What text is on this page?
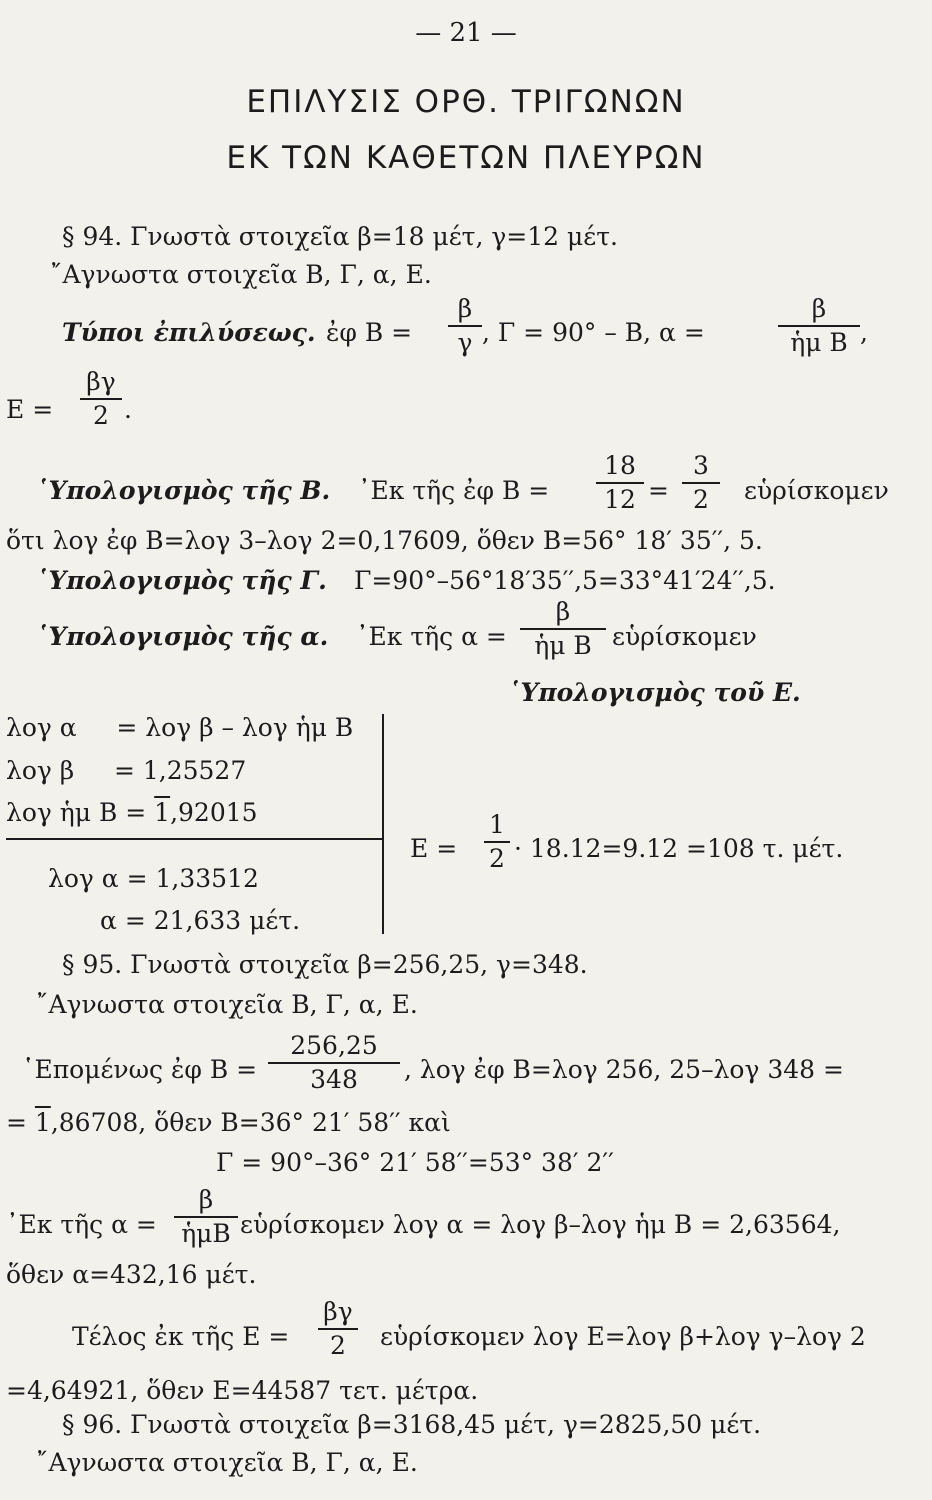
— 21 —
ΕΠΙΛΥΣΙΣ ΟΡΘ. ΤΡΙΓΩΝΩΝ
ΕΚ ΤΩΝ ΚΑΘΕΤΩΝ ΠΛΕΥΡΩΝ
§ 94. Γνωστὰ στοιχεῖα β=18 μέτ, γ=12 μέτ.
῎Αγνωστα στοιχεῖα Β, Γ, α, Ε.
Τύποι ἐπιλύσεως. ἐφ Β =
β
γ , Γ = 90° – Β, α =
β
ἡμ Β ,
Ε =
βγ
2 .
῾Υπολογισμὸς τῆς Β. ᾽Εκ τῆς ἐφ Β =
18
12 =
3
2	εὑρίσκομεν
ὅτι λογ ἐφ Β=λογ 3–λογ 2=0,17609, ὅθεν Β=56° 18′ 35′′, 5.
῾Υπολογισμὸς τῆς Γ. Γ=90°–56°18′35′′,5=33°41′24′′,5.
῾Υπολογισμὸς τῆς α. ᾽Εκ τῆς α =
β
ἡμ Β εὑρίσκομεν
῾Υπολογισμὸς τοῦ Ε.
λογ α     = λογ β – λογ ἡμ Β
λογ β     = 1,25527
λογ ἡμ Β = 1,92015
λογ α = 1,33512
α = 21,633 μέτ.
Ε =
1
2 · 18.12=9.12 =108 τ. μέτ.
§ 95. Γνωστὰ στοιχεῖα β=256,25, γ=348.
῎Αγνωστα στοιχεῖα Β, Γ, α, Ε.
῾Επομένως ἐφ Β =
256,25
348	, λογ ἐφ Β=λογ 256, 25–λογ 348 =
= 1,86708, ὅθεν Β=36° 21′ 58′′ καὶ
Γ = 90°–36° 21′ 58′′=53° 38′ 2′′
᾽Εκ τῆς α =
β
ἡμΒ εὑρίσκομεν λογ α = λογ β–λογ ἡμ Β = 2,63564,
ὅθεν α=432,16 μέτ.
Τέλος ἐκ τῆς Ε =
βγ
2	εὑρίσκομεν λογ Ε=λογ β+λογ γ–λογ 2
=4,64921, ὅθεν Ε=44587 τετ. μέτρα.
§ 96. Γνωστὰ στοιχεῖα β=3168,45 μέτ, γ=2825,50 μέτ.
῎Αγνωστα στοιχεῖα Β, Γ, α, Ε.
